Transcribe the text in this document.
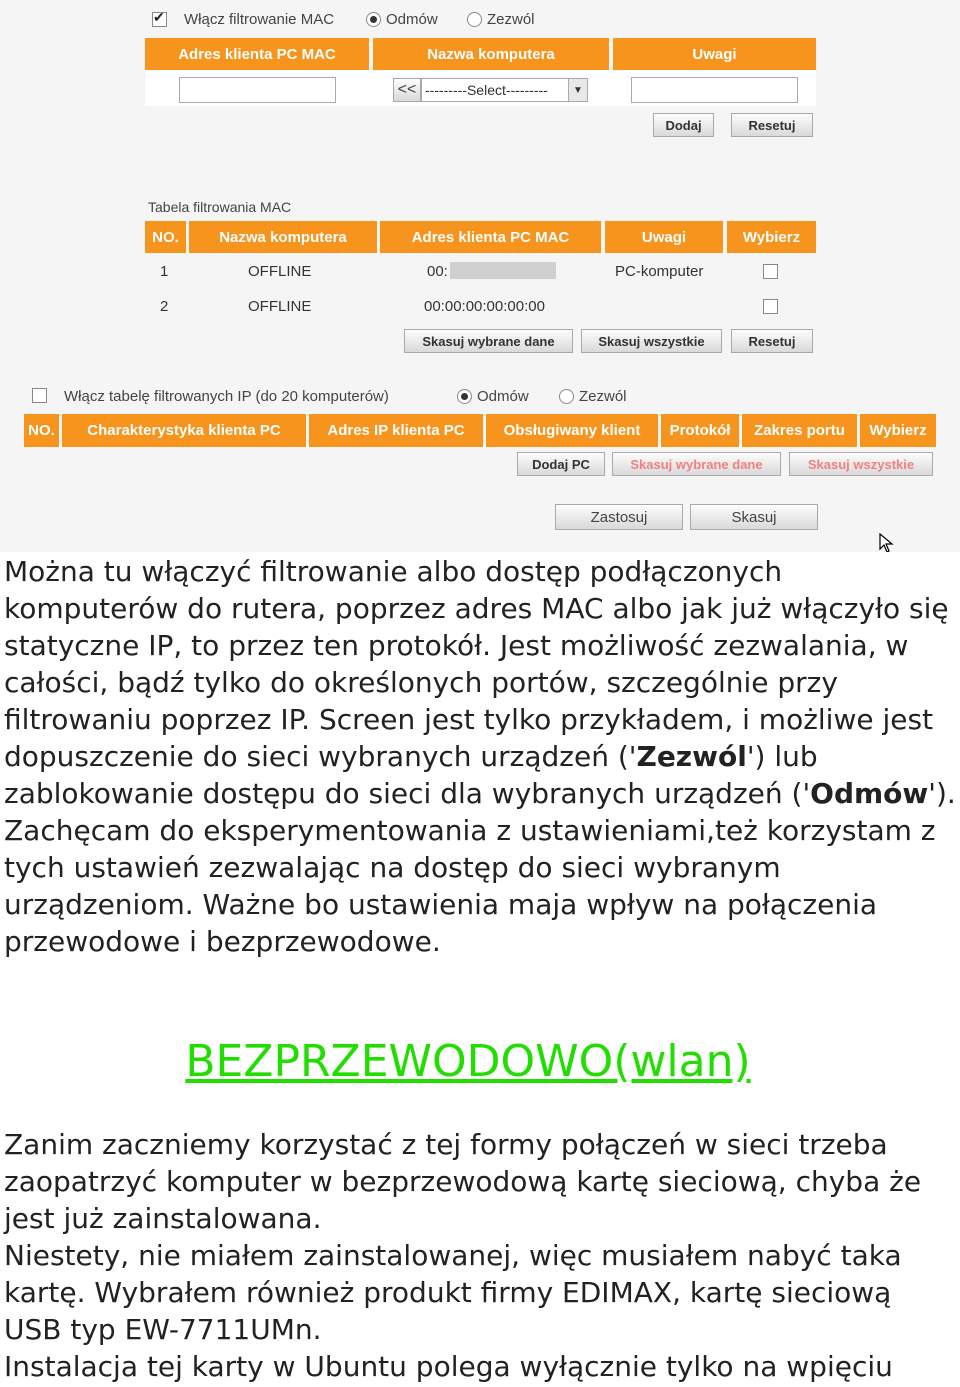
✔
Włącz filtrowanie MAC	Odmów	Zezwól
Adres klienta PC MAC	Nazwa komputera	Uwagi
<< ---------Select---------	▼
Dodaj	Resetuj
Tabela filtrowania MAC
NO.	Nazwa komputera	Adres klienta PC MAC	Uwagi	Wybierz
1	OFFLINE	00:	PC-komputer
2	OFFLINE	00:00:00:00:00:00
Skasuj wybrane dane	Skasuj wszystkie	Resetuj
Włącz tabelę filtrowanych IP (do 20 komputerów)	Odmów	Zezwól
NO.	Charakterystyka klienta PC	Adres IP klienta PC	Obsługiwany klient	Protokół	Zakres portu	Wybierz
Dodaj PC	Skasuj wybrane dane	Skasuj wszystkie
Zastosuj	Skasuj

Można tu włączyć filtrowanie albo dostęp podłączonych komputerów do rutera, poprzez adres MAC albo jak już włączyło się statyczne IP, to przez ten protokół. Jest możliwość zezwalania, w całości, bądź tylko do określonych portów, szczególnie przy filtrowaniu poprzez IP. Screen jest tylko przykładem, i możliwe jest dopuszczenie do sieci wybranych urządzeń ('Zezwól') lub zablokowanie dostępu do sieci dla wybranych urządzeń ('Odmów').

Zachęcam do eksperymentowania z ustawieniami,też korzystam z tych ustawień zezwalając na dostęp do sieci wybranym urządzeniom. Ważne bo ustawienia maja wpływ na połączenia przewodowe i bezprzewodowe.

BEZPRZEWODOWO(wlan)

Zanim zaczniemy korzystać z tej formy połączeń w sieci trzeba zaopatrzyć komputer w bezprzewodową kartę sieciową, chyba że jest już zainstalowana.

Niestety, nie miałem zainstalowanej, więc musiałem nabyć taka kartę. Wybrałem również produkt firmy EDIMAX, kartę sieciową USB typ EW-7711UMn.

Instalacja tej karty w Ubuntu polega wyłącznie tylko na wpięciu
